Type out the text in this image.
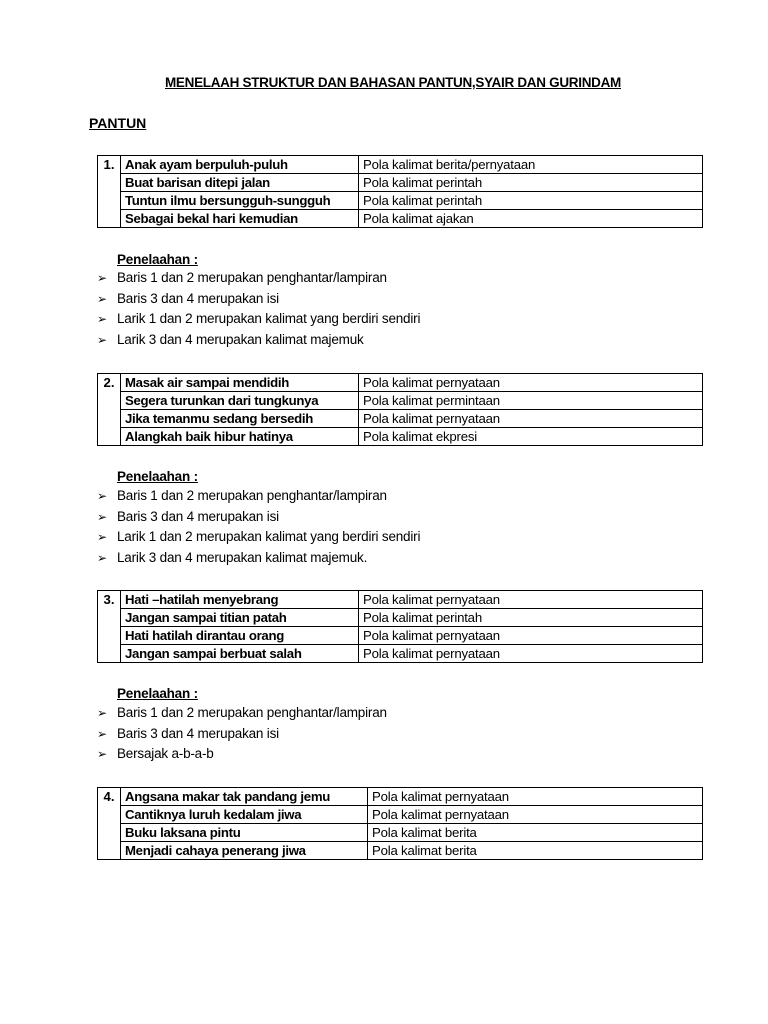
MENELAAH STRUKTUR DAN BAHASAN PANTUN,SYAIR DAN GURINDAM
PANTUN
1.	Anak ayam berpuluh-puluh	Pola kalimat berita/pernyataan
	Buat barisan ditepi jalan	Pola kalimat perintah
	Tuntun ilmu bersungguh-sungguh	Pola kalimat perintah
	Sebagai bekal hari kemudian	Pola kalimat ajakan
Penelaahan :
➢ Baris 1 dan 2 merupakan penghantar/lampiran
➢ Baris 3 dan 4 merupakan isi
➢ Larik 1 dan 2 merupakan kalimat yang berdiri sendiri
➢ Larik 3 dan 4 merupakan kalimat majemuk
2.	Masak air sampai mendidih	Pola kalimat pernyataan
	Segera turunkan dari tungkunya	Pola kalimat permintaan
	Jika temanmu sedang bersedih	Pola kalimat pernyataan
	Alangkah baik hibur hatinya	Pola kalimat ekpresi
Penelaahan :
➢ Baris 1 dan 2 merupakan penghantar/lampiran
➢ Baris 3 dan 4 merupakan isi
➢ Larik 1 dan 2 merupakan kalimat yang berdiri sendiri
➢ Larik 3 dan 4 merupakan kalimat majemuk.
3.	Hati –hatilah menyebrang	Pola kalimat pernyataan
	Jangan sampai titian patah	Pola kalimat perintah
	Hati hatilah dirantau orang	Pola kalimat pernyataan
	Jangan sampai berbuat salah	Pola kalimat pernyataan
Penelaahan :
➢ Baris 1 dan 2 merupakan penghantar/lampiran
➢ Baris 3 dan 4 merupakan isi
➢ Bersajak a-b-a-b
4.	Angsana makar tak pandang jemu	Pola kalimat pernyataan
	Cantiknya luruh kedalam jiwa	Pola kalimat pernyataan
	Buku laksana pintu	Pola kalimat berita
	Menjadi cahaya penerang jiwa	Pola kalimat berita
